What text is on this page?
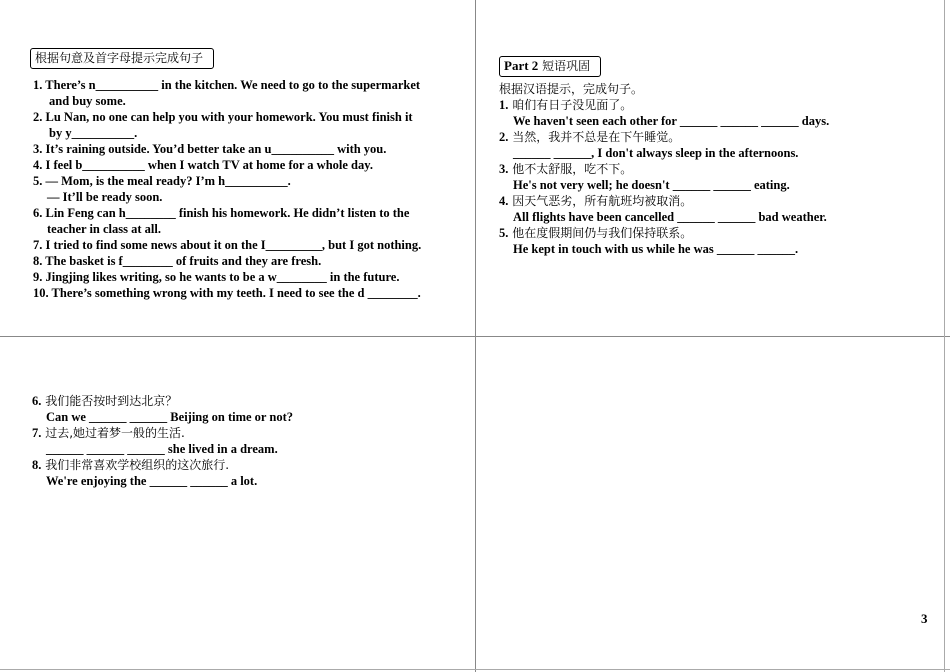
根据句意及首字母提示完成句子

1. There’s n__________ in the kitchen. We need to go to the supermarket

and buy some.

2. Lu Nan, no one can help you with your homework. You must finish it

by y__________.

3. It’s raining outside. You’d better take an u__________ with you.

4. I feel b__________ when I watch TV at home for a whole day.

5. — Mom, is the meal ready? I’m h__________.

— It’ll be ready soon.

6. Lin Feng can h________ finish his homework. He didn’t listen to the

teacher in class at all.

7. I tried to find some news about it on the I_________, but I got nothing.

8. The basket is f________ of fruits and they are fresh.

9. Jingjing likes writing, so he wants to be a w________ in the future.

10. There’s something wrong with my teeth. I need to see the d ________.

Part 2 短语巩固

根据汉语提示，完成句子。

1. 咱们有日子没见面了。

We haven't seen each other for ______ ______ ______ days.

2. 当然，我并不总是在下午睡觉。

______ ______, I don't always sleep in the afternoons.

3. 他不太舒服，吃不下。

He's not very well; he doesn't ______ ______ eating.

4. 因天气恶劣，所有航班均被取消。

All flights have been cancelled ______ ______ bad weather.

5. 他在度假期间仍与我们保持联系。

He kept in touch with us while he was ______ ______.

6. 我们能否按时到达北京？

Can we ______ ______ Beijing on time or not?

7. 过去,她过着梦一般的生活.

______ ______ ______ she lived in a dream.

8. 我们非常喜欢学校组织的这次旅行.

We're enjoying the ______ ______ a lot.

3
